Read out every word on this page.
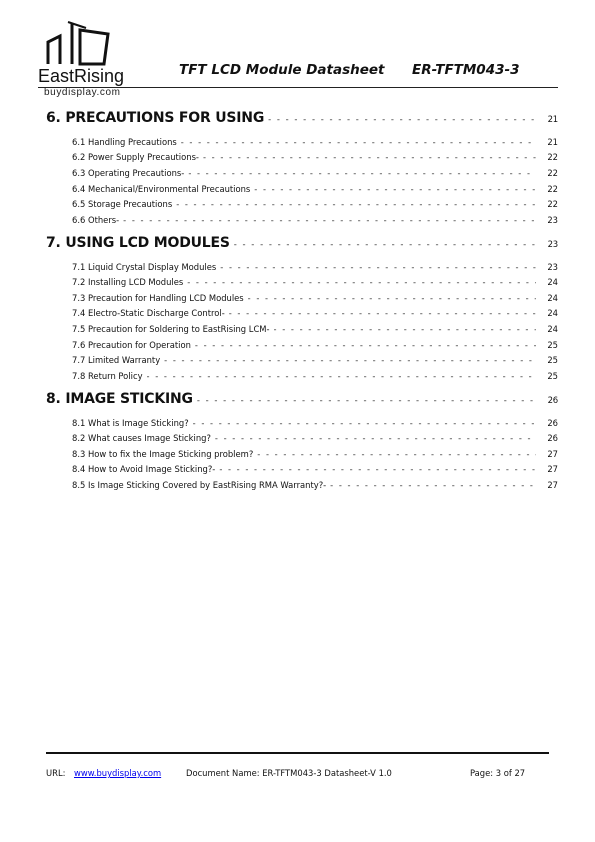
EastRising
buydisplay.com
TFT LCD Module Datasheet ER-TFTM043-3
6. PRECAUTIONS FOR USING - - -	21
6.1 Handling Precautions - - -	21
6.2 Power Supply Precautions- - - -	22
6.3 Operating Precautions- - - -	22
6.4 Mechanical/Environmental Precautions - - -	22
6.5 Storage Precautions - - -	22
6.6 Others- - - -	23
7. USING LCD MODULES - - -	23
7.1 Liquid Crystal Display Modules - - -	23
7.2 Installing LCD Modules - - -	24
7.3 Precaution for Handling LCD Modules - - -	24
7.4 Electro-Static Discharge Control- - - -	24
7.5 Precaution for Soldering to EastRising LCM- - - -	24
7.6 Precaution for Operation - - -	25
7.7 Limited Warranty - - -	25
7.8 Return Policy - - -	25
8. IMAGE STICKING - - -	26
8.1 What is Image Sticking? - - -	26
8.2 What causes Image Sticking? - - -	26
8.3 How to fix the Image Sticking problem? - - -	27
8.4 How to Avoid Image Sticking?- - - -	27
8.5 Is Image Sticking Covered by EastRising RMA Warranty?- - - -	27
URL: www.buydisplay.com	Document Name: ER-TFTM043-3 Datasheet-V 1.0	Page: 3 of 27
